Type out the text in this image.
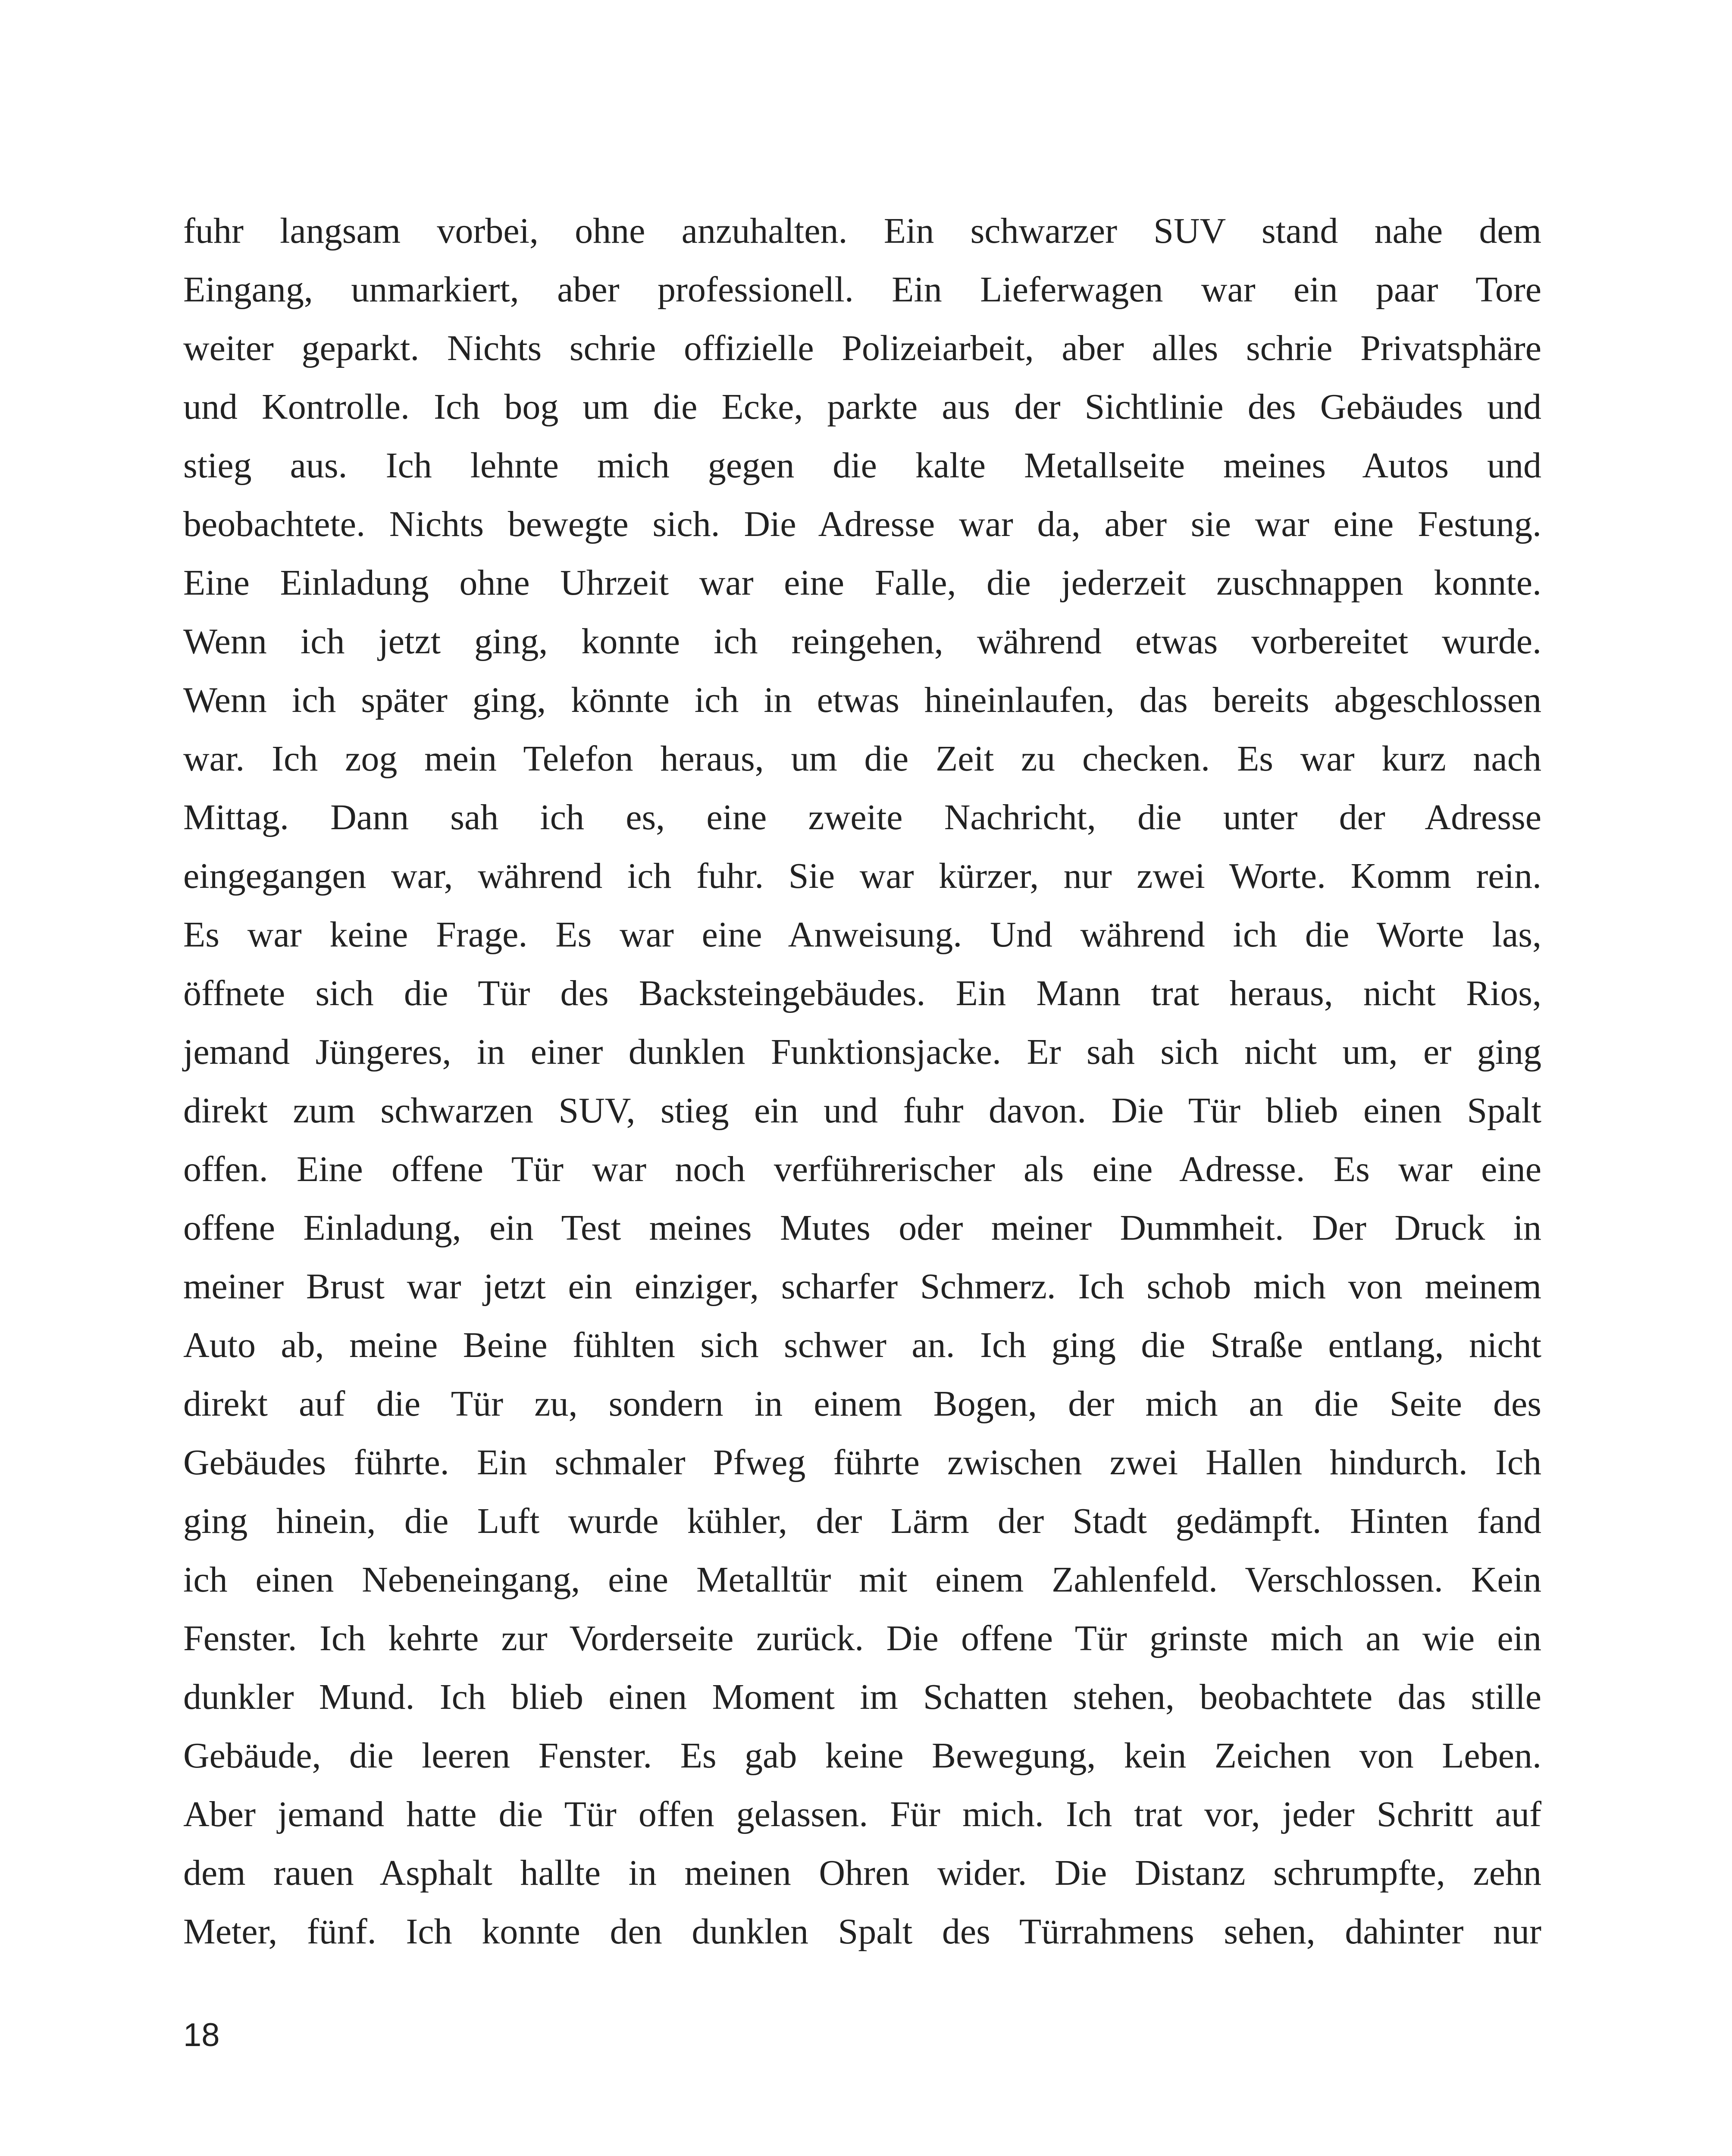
fuhr langsam vorbei, ohne anzuhalten. Ein schwarzer SUV stand nahe dem
Eingang, unmarkiert, aber professionell. Ein Lieferwagen war ein paar Tore
weiter geparkt. Nichts schrie offizielle Polizeiarbeit, aber alles schrie Privatsphäre
und Kontrolle. Ich bog um die Ecke, parkte aus der Sichtlinie des Gebäudes und
stieg aus. Ich lehnte mich gegen die kalte Metallseite meines Autos und
beobachtete. Nichts bewegte sich. Die Adresse war da, aber sie war eine Festung.
Eine Einladung ohne Uhrzeit war eine Falle, die jederzeit zuschnappen konnte.
Wenn ich jetzt ging, konnte ich reingehen, während etwas vorbereitet wurde.
Wenn ich später ging, könnte ich in etwas hineinlaufen, das bereits abgeschlossen
war. Ich zog mein Telefon heraus, um die Zeit zu checken. Es war kurz nach
Mittag. Dann sah ich es, eine zweite Nachricht, die unter der Adresse
eingegangen war, während ich fuhr. Sie war kürzer, nur zwei Worte. Komm rein.
Es war keine Frage. Es war eine Anweisung. Und während ich die Worte las,
öffnete sich die Tür des Backsteingebäudes. Ein Mann trat heraus, nicht Rios,
jemand Jüngeres, in einer dunklen Funktionsjacke. Er sah sich nicht um, er ging
direkt zum schwarzen SUV, stieg ein und fuhr davon. Die Tür blieb einen Spalt
offen. Eine offene Tür war noch verführerischer als eine Adresse. Es war eine
offene Einladung, ein Test meines Mutes oder meiner Dummheit. Der Druck in
meiner Brust war jetzt ein einziger, scharfer Schmerz. Ich schob mich von meinem
Auto ab, meine Beine fühlten sich schwer an. Ich ging die Straße entlang, nicht
direkt auf die Tür zu, sondern in einem Bogen, der mich an die Seite des
Gebäudes führte. Ein schmaler Pfweg führte zwischen zwei Hallen hindurch. Ich
ging hinein, die Luft wurde kühler, der Lärm der Stadt gedämpft. Hinten fand
ich einen Nebeneingang, eine Metalltür mit einem Zahlenfeld. Verschlossen. Kein
Fenster. Ich kehrte zur Vorderseite zurück. Die offene Tür grinste mich an wie ein
dunkler Mund. Ich blieb einen Moment im Schatten stehen, beobachtete das stille
Gebäude, die leeren Fenster. Es gab keine Bewegung, kein Zeichen von Leben.
Aber jemand hatte die Tür offen gelassen. Für mich. Ich trat vor, jeder Schritt auf
dem rauen Asphalt hallte in meinen Ohren wider. Die Distanz schrumpfte, zehn
Meter, fünf. Ich konnte den dunklen Spalt des Türrahmens sehen, dahinter nur
18
